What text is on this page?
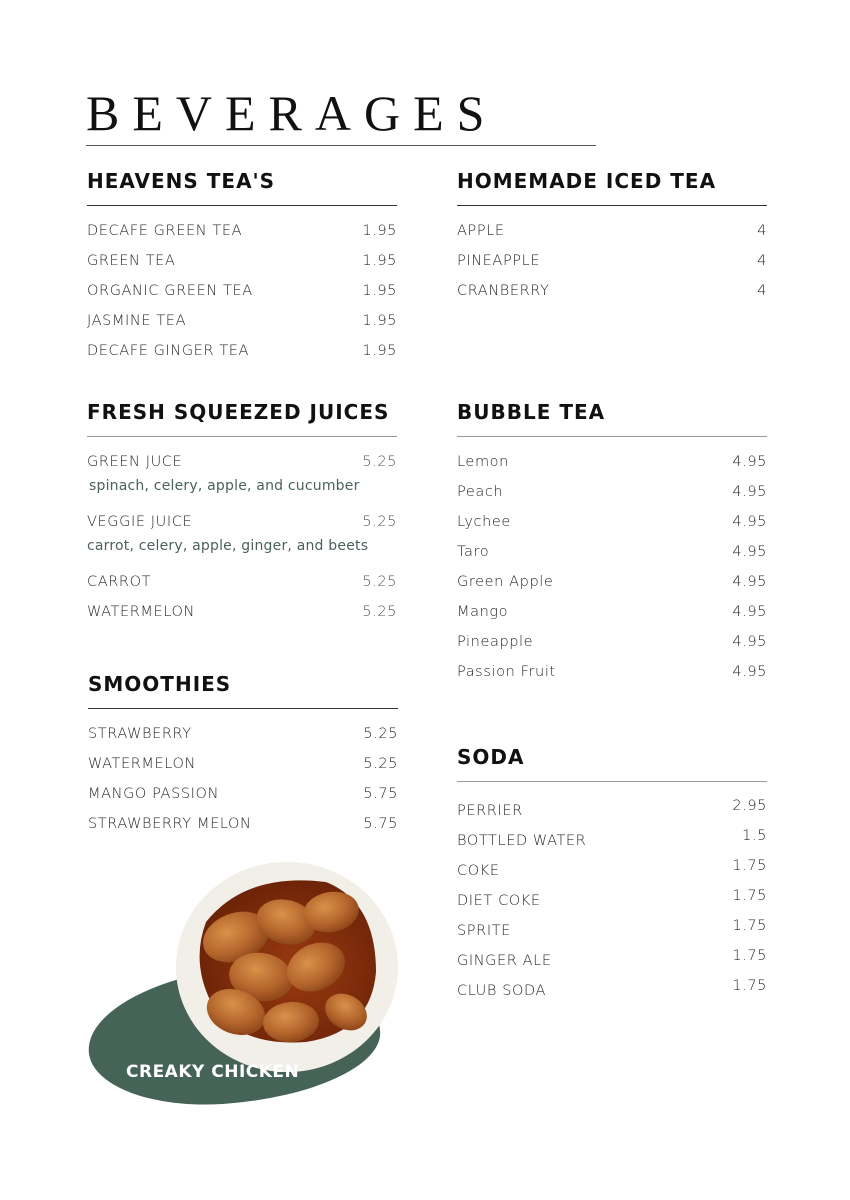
BEVERAGES
HEAVENS TEA'S
DECAFE GREEN TEA	1.95
GREEN TEA	1.95
ORGANIC GREEN TEA	1.95
JASMINE TEA	1.95
DECAFE GINGER TEA	1.95
HOMEMADE ICED TEA
APPLE	4
PINEAPPLE	4
CRANBERRY	4
FRESH SQUEEZED JUICES
GREEN JUCE	5.25
spinach, celery, apple, and cucumber
VEGGIE JUICE	5.25
carrot, celery, apple, ginger, and beets
CARROT	5.25
WATERMELON	5.25
BUBBLE TEA
Lemon	4.95
Peach	4.95
Lychee	4.95
Taro	4.95
Green Apple	4.95
Mango	4.95
Pineapple	4.95
Passion Fruit	4.95
SMOOTHIES
STRAWBERRY	5.25
WATERMELON	5.25
MANGO PASSION	5.75
STRAWBERRY MELON	5.75
SODA
PERRIER	2.95
BOTTLED WATER	1.5
COKE	1.75
DIET COKE	1.75
SPRITE	1.75
GINGER ALE	1.75
CLUB SODA	1.75
CREAKY CHICKEN
